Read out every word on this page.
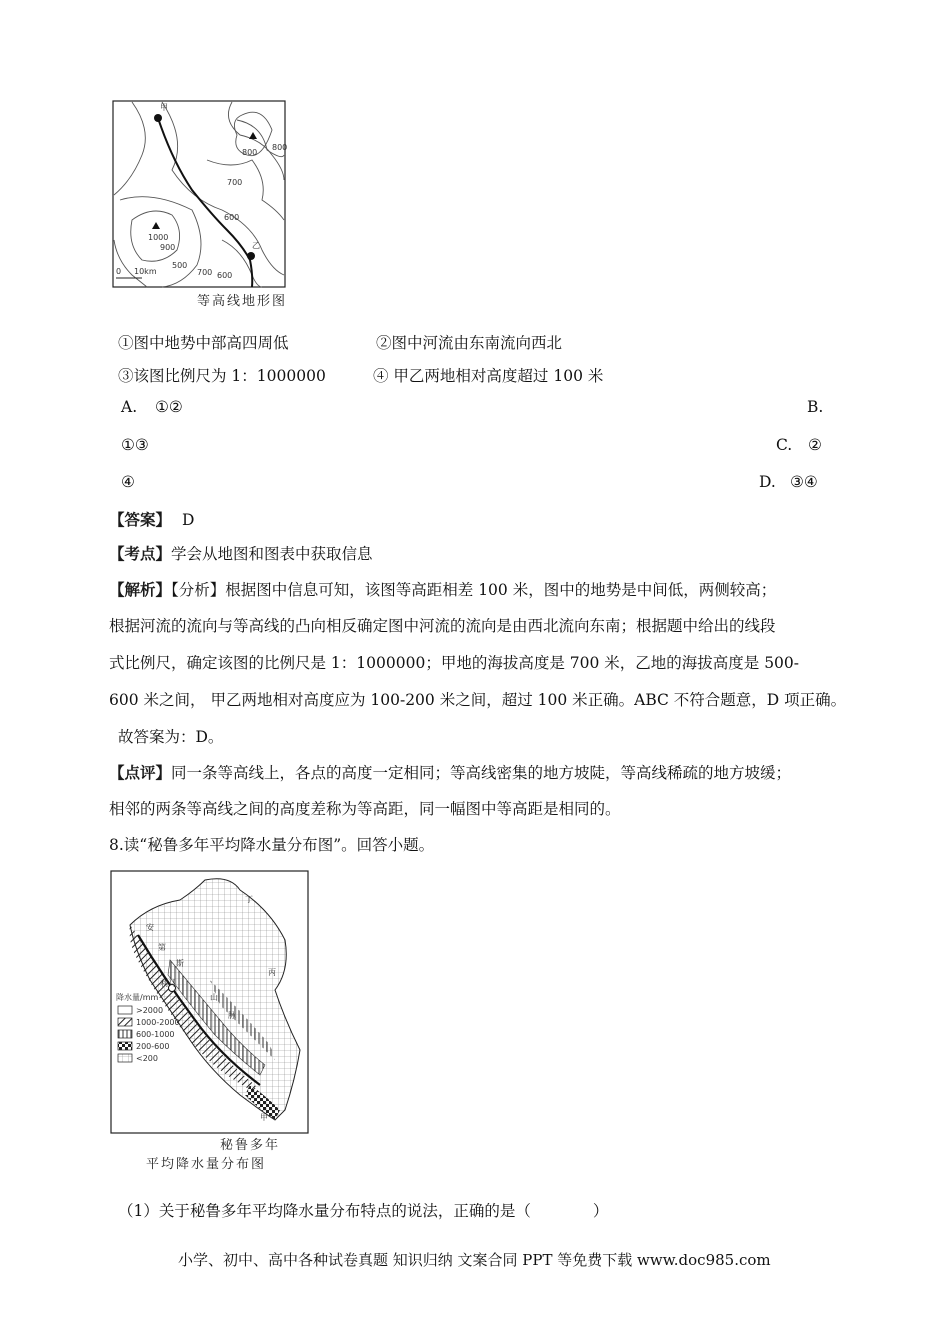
甲
乙
800
800
700
600
1000
900
500
700 600
0 10km
等高线地形图
①图中地势中部高四周低	②图中河流由东南流向西北
③该图比例尺为 1：1000000	④ 甲乙两地相对高度超过 100 米
A. ①②	B.
①③	C. ②
④	D. ③④
【答案】 D
【考点】学会从地图和图表中获取信息
【解析】【分析】根据图中信息可知，该图等高距相差 100 米，图中的地势是中间低，两侧较高；
根据河流的流向与等高线的凸向相反确定图中河流的流向是由西北流向东南；根据题中给出的线段
式比例尺，确定该图的比例尺是 1：1000000；甲地的海拔高度是 700 米，乙地的海拔高度是 500-
600 米之间， 甲乙两地相对高度应为 100-200 米之间，超过 100 米正确。ABC 不符合题意，D 项正确。
故答案为：D。
【点评】同一条等高线上，各点的高度一定相同；等高线密集的地方坡陡，等高线稀疏的地方坡缓；
相邻的两条等高线之间的高度差称为等高距，同一幅图中等高距是相同的。
8.读“秘鲁多年平均降水量分布图”。回答小题。
丁
安
第
斯
丙
山
脉
甲
利马
降水量/mm
>2000
1000-2000
600-1000
200-600
<200
秘鲁多年
平均降水量分布图
（1）关于秘鲁多年平均降水量分布特点的说法，正确的是（　　　　）
小学、初中、高中各种试卷真题 知识归纳 文案合同 PPT 等免费下载 www.doc985.com
